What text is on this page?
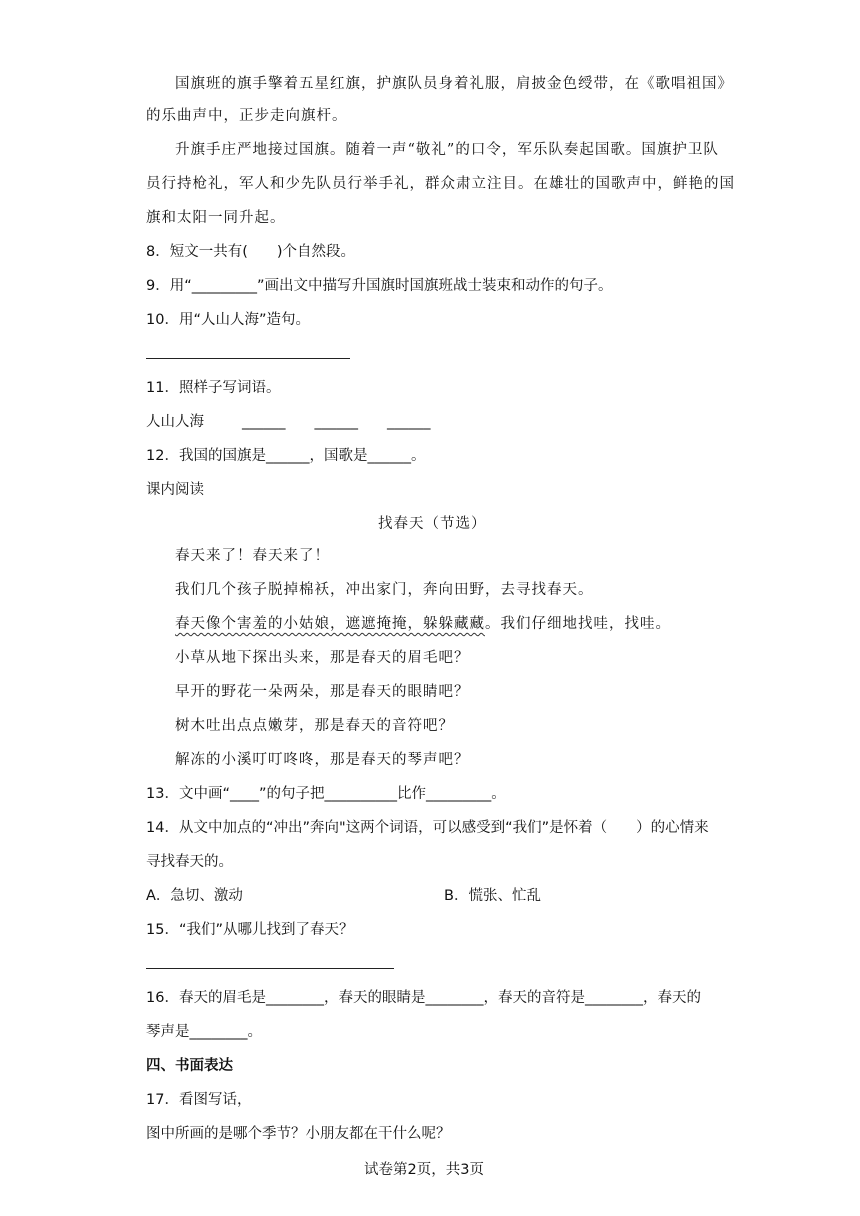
国旗班的旗手擎着五星红旗，护旗队员身着礼服，肩披金色绶带，在《歌唱祖国》
的乐曲声中，正步走向旗杆。
升旗手庄严地接过国旗。随着一声“敬礼”的口令，军乐队奏起国歌。国旗护卫队
员行持枪礼，军人和少先队员行举手礼，群众肃立注目。在雄壮的国歌声中，鲜艳的国
旗和太阳一同升起。
8．短文一共有(　　)个自然段。
9．用“_________”画出文中描写升国旗时国旗班战士装束和动作的句子。
10．用“人山人海”造句。
11．照样子写词语。
人山人海	______　　______　　______
12．我国的国旗是______，国歌是______。
课内阅读
找春天（节选）
春天来了！春天来了！
我们几个孩子脱掉棉袄，冲出家门，奔向田野，去寻找春天。
春天像个害羞的小姑娘，遮遮掩掩，躲躲藏藏。我们仔细地找哇，找哇。
小草从地下探出头来，那是春天的眉毛吧？
早开的野花一朵两朵，那是春天的眼睛吧？
树木吐出点点嫩芽，那是春天的音符吧？
解冻的小溪叮叮咚咚，那是春天的琴声吧？
13．文中画“____”的句子把__________比作_________。
14．从文中加点的“冲出”奔向"这两个词语，可以感受到“我们”是怀着（　　）的心情来
寻找春天的。
A．急切、激动	B．慌张、忙乱
15．“我们”从哪儿找到了春天？
16．春天的眉毛是________，春天的眼睛是________，春天的音符是________，春天的
琴声是________。
四、书面表达
17．看图写话，
图中所画的是哪个季节？小朋友都在干什么呢？
试卷第2页，共3页
